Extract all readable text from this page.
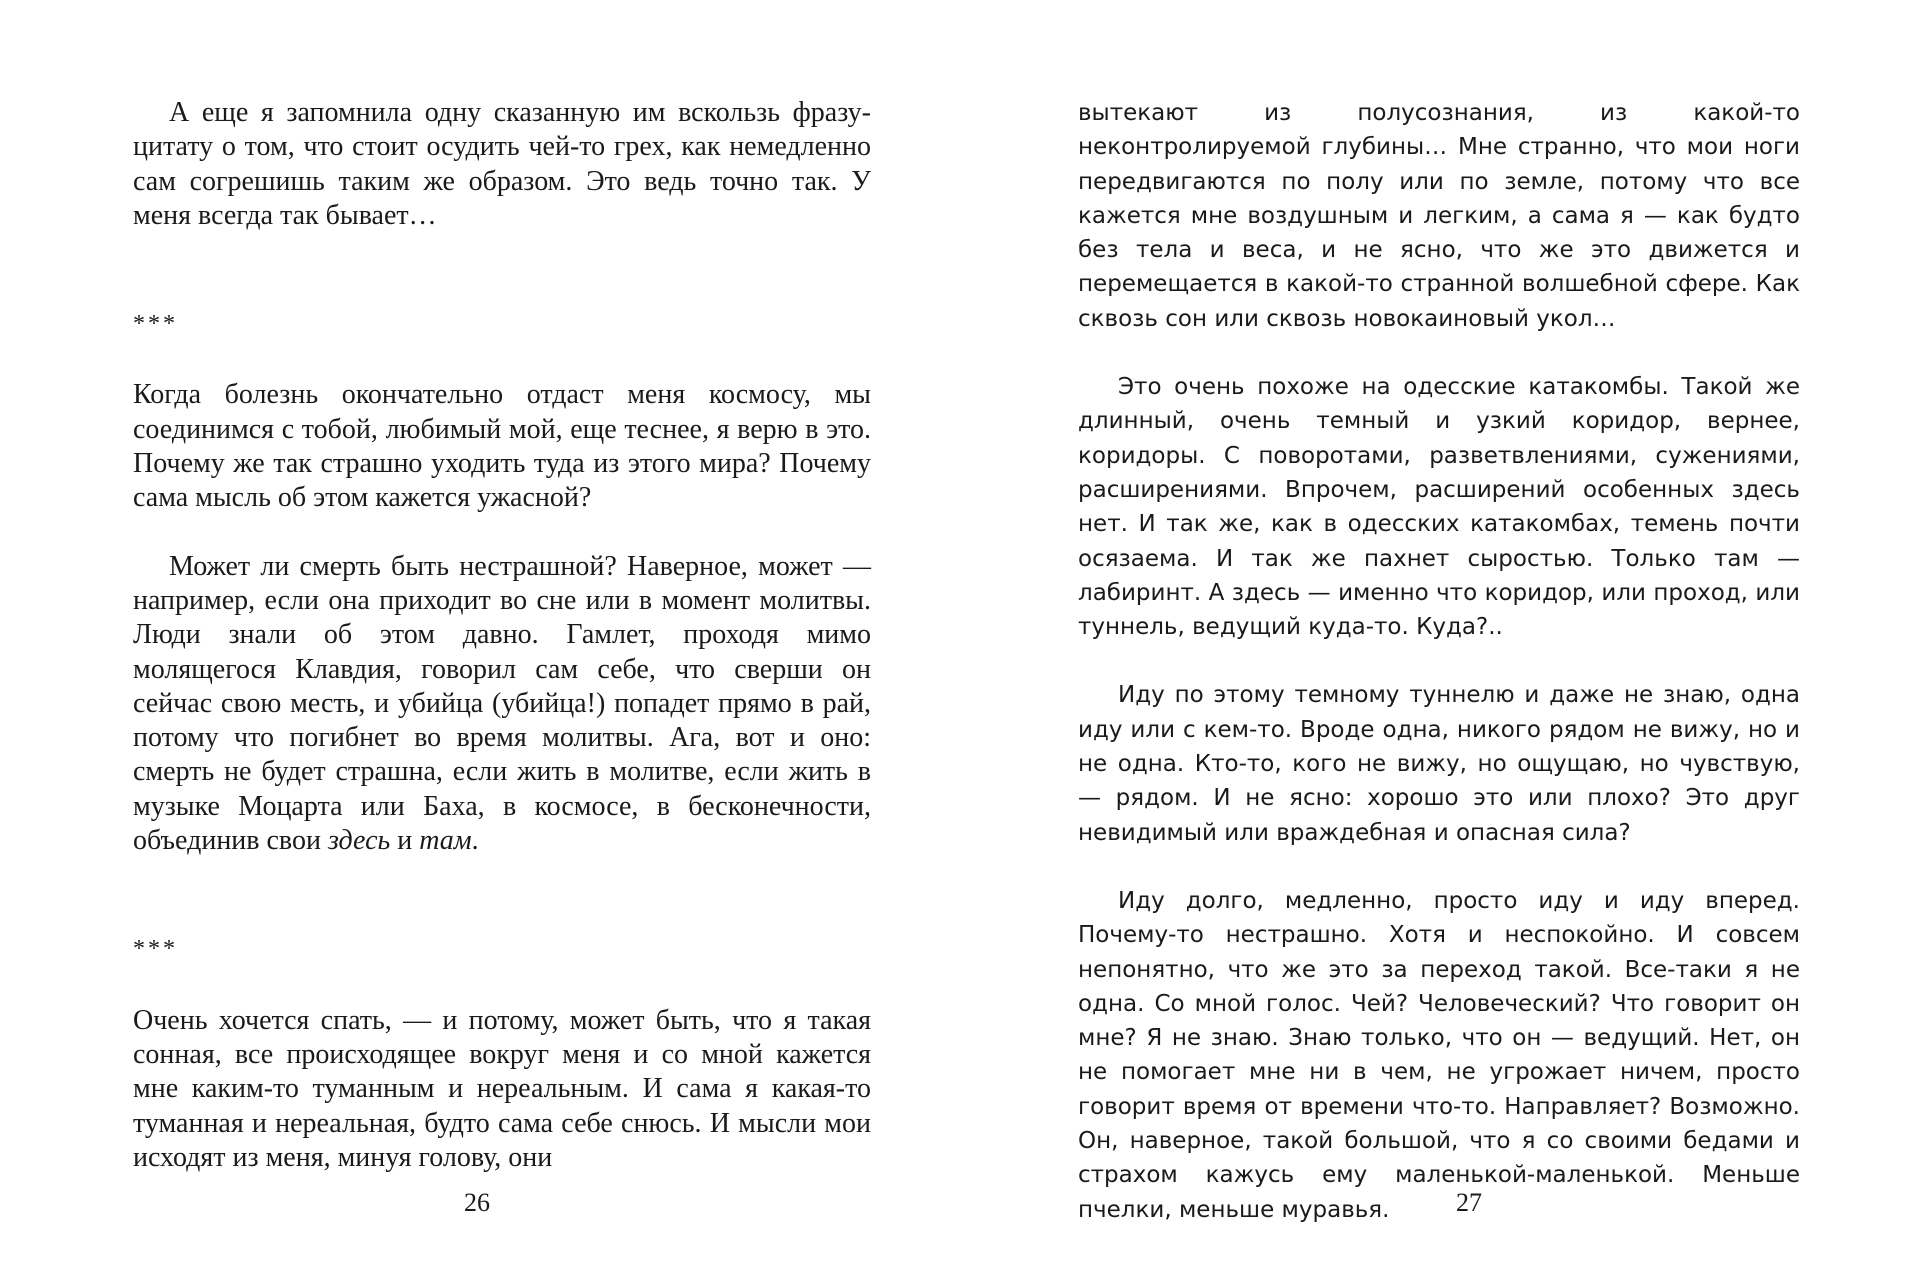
А еще я запомнила одну сказанную им вскользь фразу-цитату о том, что стоит осудить чей-то грех, как немедленно сам согрешишь таким же образом. Это ведь точно так. У меня всегда так бывает…

***

Когда болезнь окончательно отдаст меня космосу, мы соединимся с тобой, любимый мой, еще теснее, я верю в это. Почему же так страшно уходить туда из этого мира? Почему сама мысль об этом кажется ужасной?

Может ли смерть быть нестрашной? Наверное, может — например, если она приходит во сне или в момент молитвы. Люди знали об этом давно. Гамлет, проходя мимо молящегося Клавдия, говорил сам себе, что сверши он сейчас свою месть, и убийца (убийца!) попадет прямо в рай, потому что погибнет во время молитвы. Ага, вот и оно: смерть не будет страшна, если жить в молитве, если жить в музыке Моцарта или Баха, в космосе, в бесконечности, объединив свои здесь и там.

***

Очень хочется спать, — и потому, может быть, что я такая сонная, все происходящее вокруг меня и со мной кажется мне каким-то туманным и нереальным. И сама я какая-то туманная и нереальная, будто сама себе снюсь. И мысли мои исходят из меня, минуя голову, они

26

вытекают из полусознания, из какой-то неконтролируемой глубины… Мне странно, что мои ноги передвигаются по полу или по земле, потому что все кажется мне воздушным и легким, а сама я — как будто без тела и веса, и не ясно, что же это движется и перемещается в какой-то странной волшебной сфере. Как сквозь сон или сквозь новокаиновый укол…

Это очень похоже на одесские катакомбы. Такой же длинный, очень темный и узкий коридор, вернее, коридоры. С поворотами, разветвлениями, сужениями, расширениями. Впрочем, расширений особенных здесь нет. И так же, как в одесских катакомбах, темень почти осязаема. И так же пахнет сыростью. Только там — лабиринт. А здесь — именно что коридор, или проход, или туннель, ведущий куда-то. Куда?..

Иду по этому темному туннелю и даже не знаю, одна иду или с кем-то. Вроде одна, никого рядом не вижу, но и не одна. Кто-то, кого не вижу, но ощущаю, но чувствую, — рядом. И не ясно: хорошо это или плохо? Это друг невидимый или враждебная и опасная сила?

Иду долго, медленно, просто иду и иду вперед. Почему-то нестрашно. Хотя и неспокойно. И совсем непонятно, что же это за переход такой. Все-таки я не одна. Со мной голос. Чей? Человеческий? Что говорит он мне? Я не знаю. Знаю только, что он — ведущий. Нет, он не помогает мне ни в чем, не угрожает ничем, просто говорит время от времени что-то. Направляет? Возможно. Он, наверное, такой большой, что я со своими бедами и страхом кажусь ему маленькой-маленькой. Меньше пчелки, меньше муравья.	27
